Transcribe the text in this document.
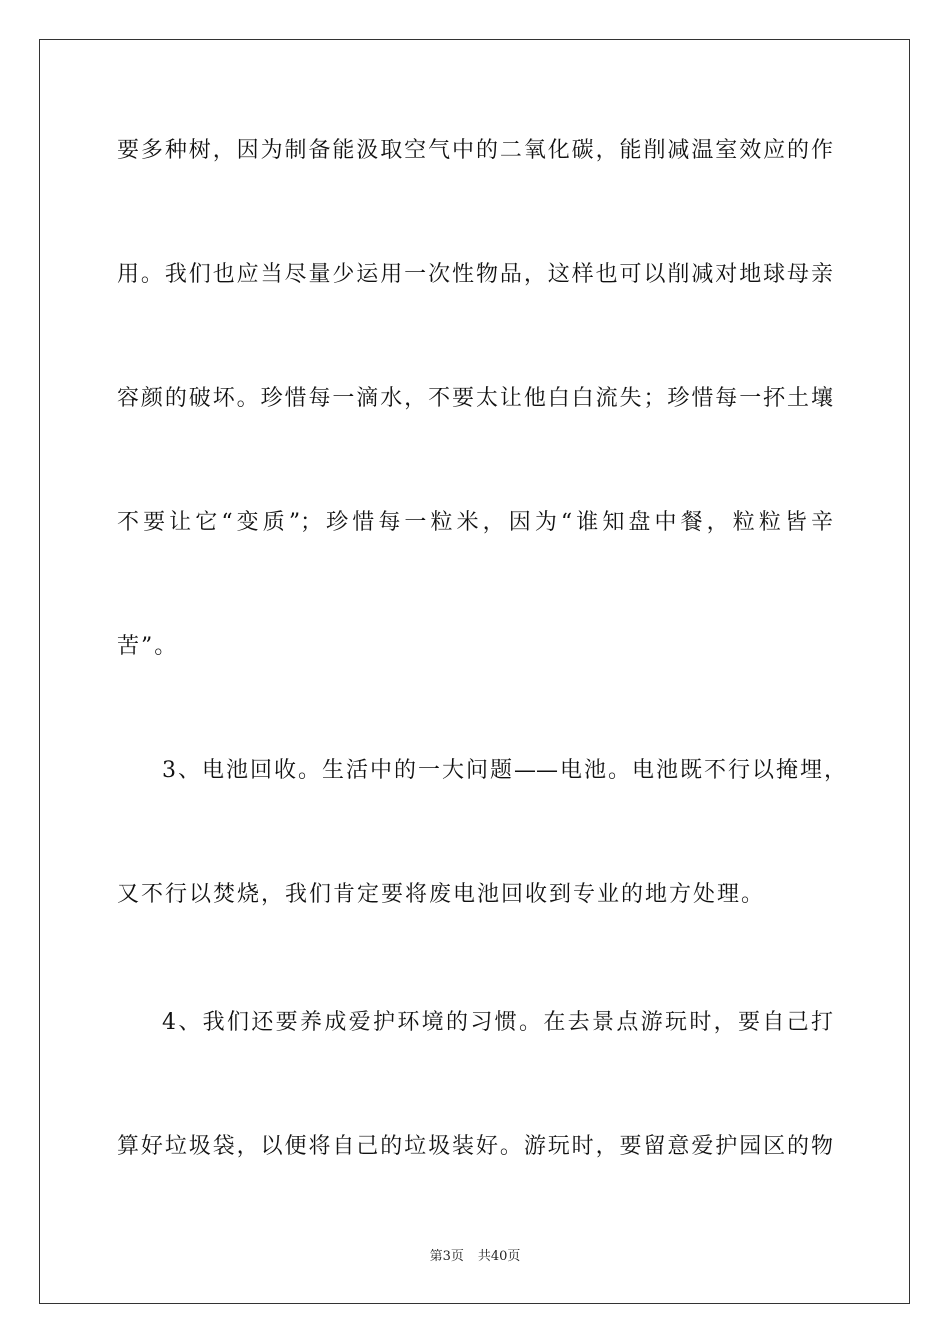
要多种树，因为制备能汲取空气中的二氧化碳，能削减温室效应的作
用。我们也应当尽量少运用一次性物品，这样也可以削减对地球母亲
容颜的破坏。珍惜每一滴水，不要太让他白白流失；珍惜每一抔土壤
不要让它“变质”；珍惜每一粒米，因为“谁知盘中餐，粒粒皆辛
苦”。
3、电池回收。生活中的一大问题——电池。电池既不行以掩埋，
又不行以焚烧，我们肯定要将废电池回收到专业的地方处理。
4、我们还要养成爱护环境的习惯。在去景点游玩时，要自己打
算好垃圾袋，以便将自己的垃圾装好。游玩时，要留意爱护园区的物
第3页 共40页
